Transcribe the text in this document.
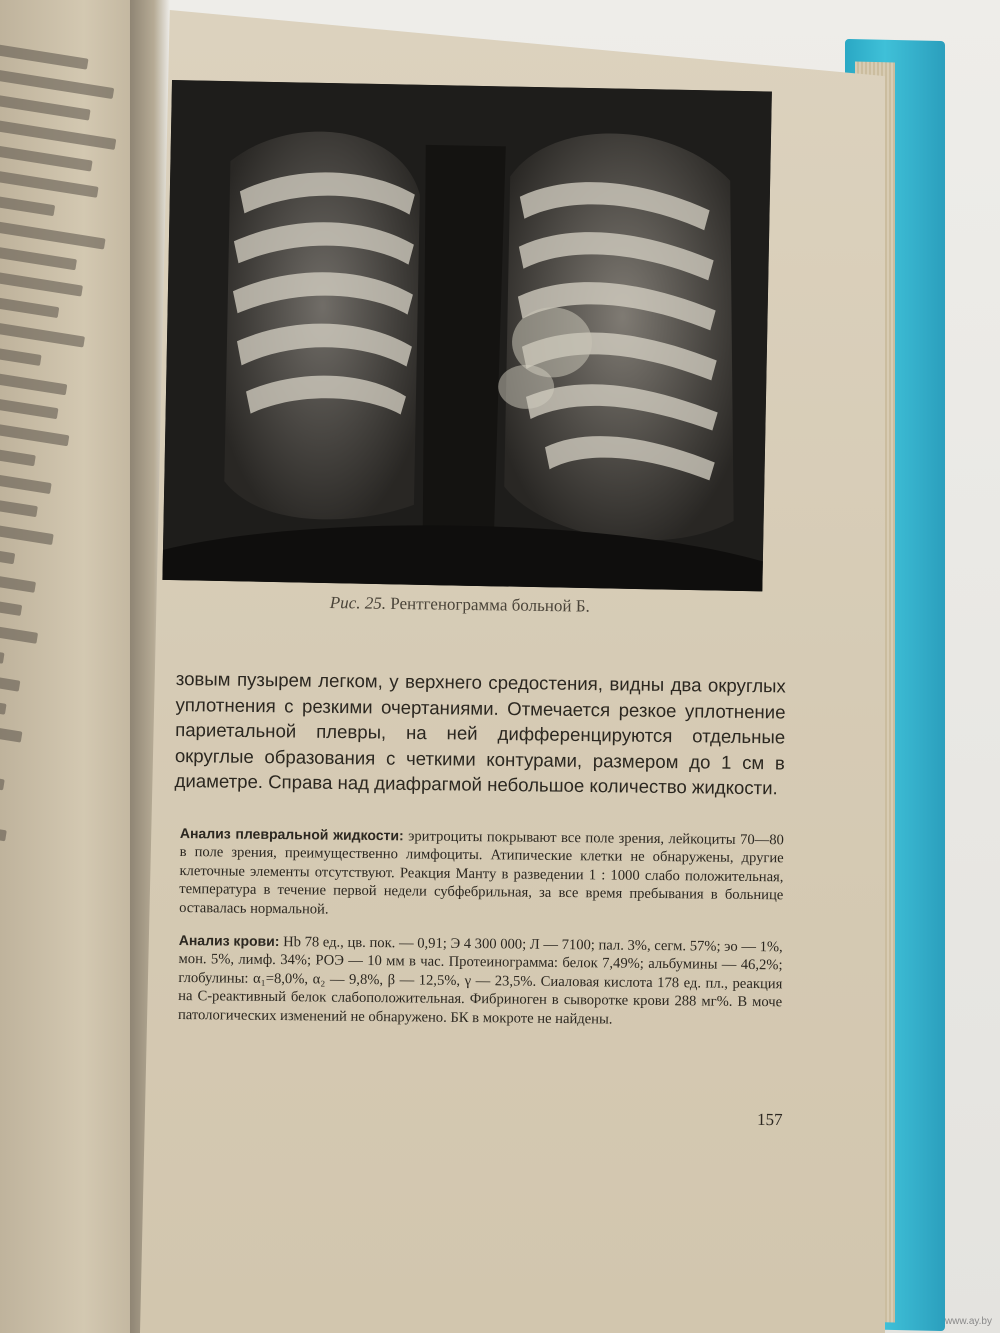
Рис. 25. Рентгенограмма больной Б.

зовым пузырем легком, у верхнего средостения, видны два округлых уплотнения с резкими очертаниями. Отмечается резкое уплотнение париетальной плевры, на ней дифференцируются отдельные округлые образования с четкими контурами, размером до 1 см в диаметре. Справа над диафрагмой небольшое количество жидкости.

Анализ плевральной жидкости: эритроциты покрывают все поле зрения, лейкоциты 70—80 в поле зрения, преимущественно лимфоциты. Атипические клетки не обнаружены, другие клеточные элементы отсутствуют. Реакция Манту в разведении 1 : 1000 слабо положительная, температура в течение первой недели субфебрильная, за все время пребывания в больнице оставалась нормальной.

Анализ крови: Hb 78 ед., цв. пок. — 0,91; Э 4 300 000; Л — 7100; пал. 3%, сегм. 57%; эо — 1%, мон. 5%, лимф. 34%; РОЭ — 10 мм в час. Протеинограмма: белок 7,49%; альбумины — 46,2%; глобулины: α₁=8,0%, α₂ — 9,8%, β — 12,5%, γ — 23,5%. Сиаловая кислота 178 ед. пл., реакция на С-реактивный белок слабоположительная. Фибриноген в сыворотке крови 288 мг%. В моче патологических изменений не обнаружено. БК в мокроте не найдены.

157
www.ay.by
